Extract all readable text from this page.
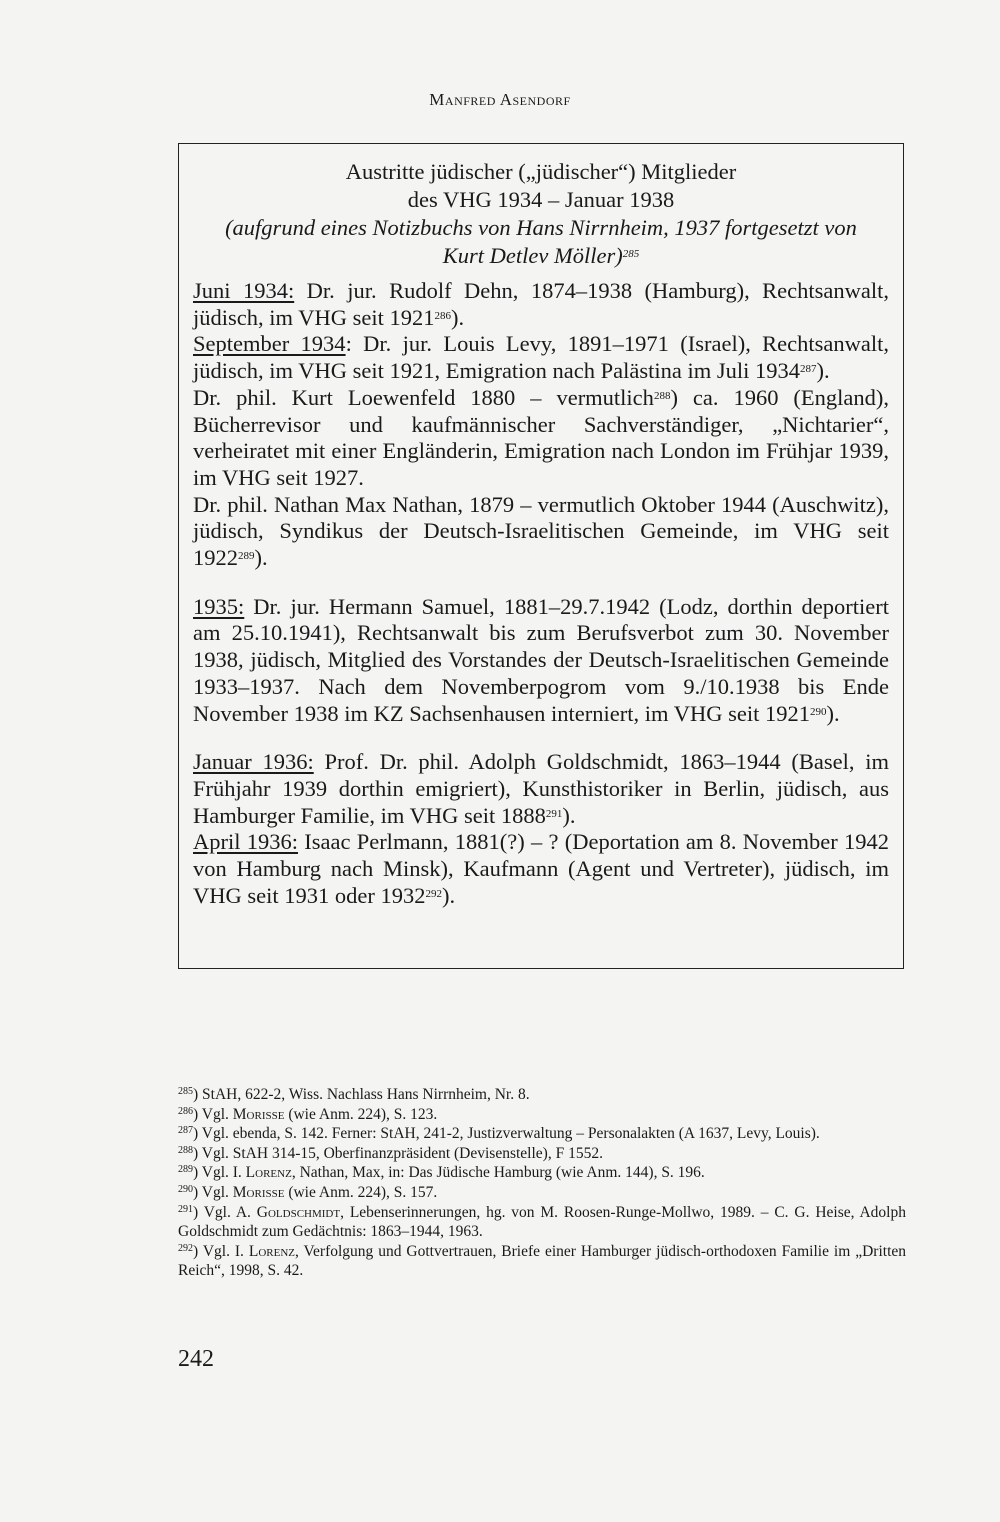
Manfred Asendorf
Austritte jüdischer („jüdischer“) Mitglieder
des VHG 1934 – Januar 1938
(aufgrund eines Notizbuchs von Hans Nirrnheim, 1937 fortgesetzt von
Kurt Detlev Möller)$^{285}$

Juni 1934: Dr. jur. Rudolf Dehn, 1874–1938 (Hamburg), Rechtsanwalt, jüdisch, im VHG seit 1921$^{286}$).

September 1934: Dr. jur. Louis Levy, 1891–1971 (Israel), Rechtsanwalt, jüdisch, im VHG seit 1921, Emigration nach Palästina im Juli 1934$^{287}$).

Dr. phil. Kurt Loewenfeld 1880 – vermutlich$^{288}$) ca. 1960 (England), Bücherrevisor und kaufmännischer Sachverständiger, „Nichtarier“, verheiratet mit einer Engländerin, Emigration nach London im Frühjar 1939, im VHG seit 1927.

Dr. phil. Nathan Max Nathan, 1879 – vermutlich Oktober 1944 (Auschwitz), jüdisch, Syndikus der Deutsch-Israelitischen Gemeinde, im VHG seit 1922$^{289}$).

1935: Dr. jur. Hermann Samuel, 1881–29.7.1942 (Lodz, dorthin deportiert am 25.10.1941), Rechtsanwalt bis zum Berufsverbot zum 30. November 1938, jüdisch, Mitglied des Vorstandes der Deutsch-Israelitischen Gemeinde 1933–1937. Nach dem Novemberpogrom vom 9./10.1938 bis Ende November 1938 im KZ Sachsenhausen interniert, im VHG seit 1921$^{290}$).

Januar 1936: Prof. Dr. phil. Adolph Goldschmidt, 1863–1944 (Basel, im Frühjahr 1939 dorthin emigriert), Kunsthistoriker in Berlin, jüdisch, aus Hamburger Familie, im VHG seit 1888$^{291}$).

April 1936: Isaac Perlmann, 1881(?) – ? (Deportation am 8. November 1942 von Hamburg nach Minsk), Kaufmann (Agent und Vertreter), jüdisch, im VHG seit 1931 oder 1932$^{292}$).

$^{285}$) StAH, 622-2, Wiss. Nachlass Hans Nirrnheim, Nr. 8.

$^{286}$) Vgl. Morisse (wie Anm. 224), S. 123.

$^{287}$) Vgl. ebenda, S. 142. Ferner: StAH, 241-2, Justizverwaltung – Personalakten (A 1637, Levy, Louis).

$^{288}$) Vgl. StAH 314-15, Oberfinanzpräsident (Devisenstelle), F 1552.

$^{289}$) Vgl. I. Lorenz, Nathan, Max, in: Das Jüdische Hamburg (wie Anm. 144), S. 196.

$^{290}$) Vgl. Morisse (wie Anm. 224), S. 157.

$^{291}$) Vgl. A. Goldschmidt, Lebenserinnerungen, hg. von M. Roosen-Runge-Mollwo, 1989. – C. G. Heise, Adolph Goldschmidt zum Gedächtnis: 1863–1944, 1963.

$^{292}$) Vgl. I. Lorenz, Verfolgung und Gottvertrauen, Briefe einer Hamburger jüdisch-orthodoxen Familie im „Dritten Reich“, 1998, S. 42.

242
